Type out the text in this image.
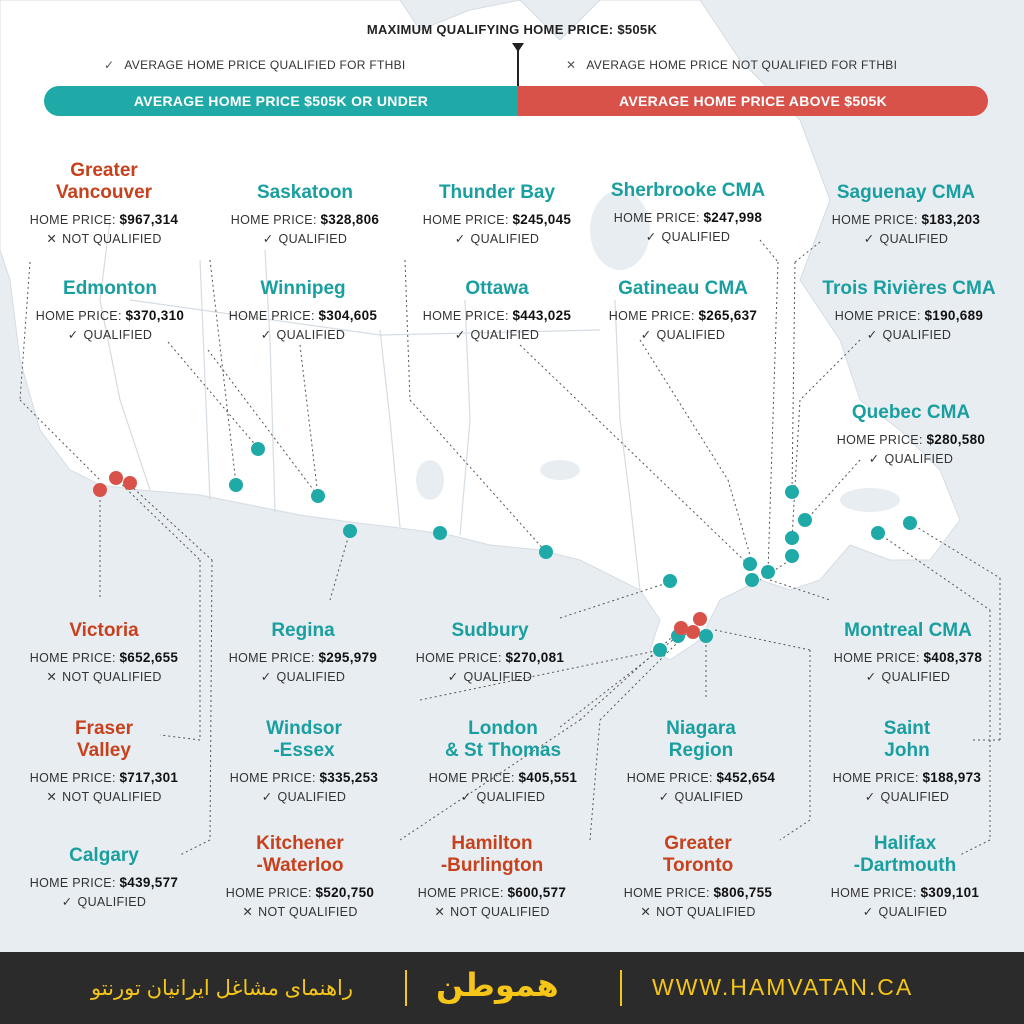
MAXIMUM QUALIFYING HOME PRICE: $505K
✓ AVERAGE HOME PRICE QUALIFIED FOR FTHBI	✕ AVERAGE HOME PRICE NOT QUALIFIED FOR FTHBI
AVERAGE HOME PRICE $505K OR UNDER	AVERAGE HOME PRICE ABOVE $505K
Greater
Vancouver
HOME PRICE: $967,314
✕ NOT QUALIFIED
Saskatoon
HOME PRICE: $328,806
✓ QUALIFIED
Thunder Bay
HOME PRICE: $245,045
✓ QUALIFIED
Sherbrooke CMA
HOME PRICE: $247,998
✓ QUALIFIED
Saguenay CMA
HOME PRICE: $183,203
✓ QUALIFIED
Edmonton
HOME PRICE: $370,310
✓ QUALIFIED
Winnipeg
HOME PRICE: $304,605
✓ QUALIFIED
Ottawa
HOME PRICE: $443,025
✓ QUALIFIED
Gatineau CMA
HOME PRICE: $265,637
✓ QUALIFIED
Trois Rivières CMA
HOME PRICE: $190,689
✓ QUALIFIED
Quebec CMA
HOME PRICE: $280,580
✓ QUALIFIED
Victoria
HOME PRICE: $652,655
✕ NOT QUALIFIED
Regina
HOME PRICE: $295,979
✓ QUALIFIED
Sudbury
HOME PRICE: $270,081
✓ QUALIFIED
Montreal CMA
HOME PRICE: $408,378
✓ QUALIFIED
Fraser
Valley
HOME PRICE: $717,301
✕ NOT QUALIFIED
Windsor
-Essex
HOME PRICE: $335,253
✓ QUALIFIED
London
& St Thomas
HOME PRICE: $405,551
✓ QUALIFIED
Niagara
Region
HOME PRICE: $452,654
✓ QUALIFIED
Saint
John
HOME PRICE: $188,973
✓ QUALIFIED
Calgary
HOME PRICE: $439,577
✓ QUALIFIED
Kitchener
-Waterloo
HOME PRICE: $520,750
✕ NOT QUALIFIED
Hamilton
-Burlington
HOME PRICE: $600,577
✕ NOT QUALIFIED
Greater
Toronto
HOME PRICE: $806,755
✕ NOT QUALIFIED
Halifax
-Dartmouth
HOME PRICE: $309,101
✓ QUALIFIED
راهنمای مشاغل ایرانیان تورنتو	هموطن	WWW.HAMVATAN.CA
